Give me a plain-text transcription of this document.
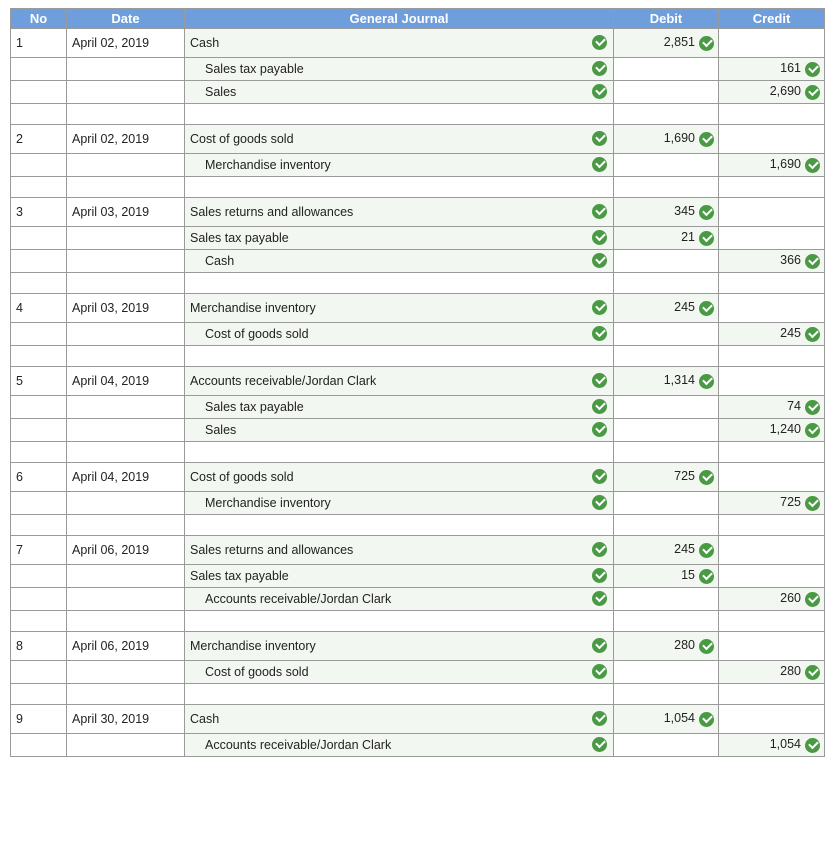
No	Date	General Journal	Debit	Credit
1	April 02, 2019	Cash	2,851	
		Sales tax payable		161
		Sales		2,690

2	April 02, 2019	Cost of goods sold	1,690	
		Merchandise inventory		1,690

3	April 03, 2019	Sales returns and allowances	345	
		Sales tax payable	21	
		Cash		366

4	April 03, 2019	Merchandise inventory	245	
		Cost of goods sold		245

5	April 04, 2019	Accounts receivable/Jordan Clark	1,314	
		Sales tax payable		74
		Sales		1,240

6	April 04, 2019	Cost of goods sold	725	
		Merchandise inventory		725

7	April 06, 2019	Sales returns and allowances	245	
		Sales tax payable	15	
		Accounts receivable/Jordan Clark		260

8	April 06, 2019	Merchandise inventory	280	
		Cost of goods sold		280

9	April 30, 2019	Cash	1,054	
		Accounts receivable/Jordan Clark		1,054
